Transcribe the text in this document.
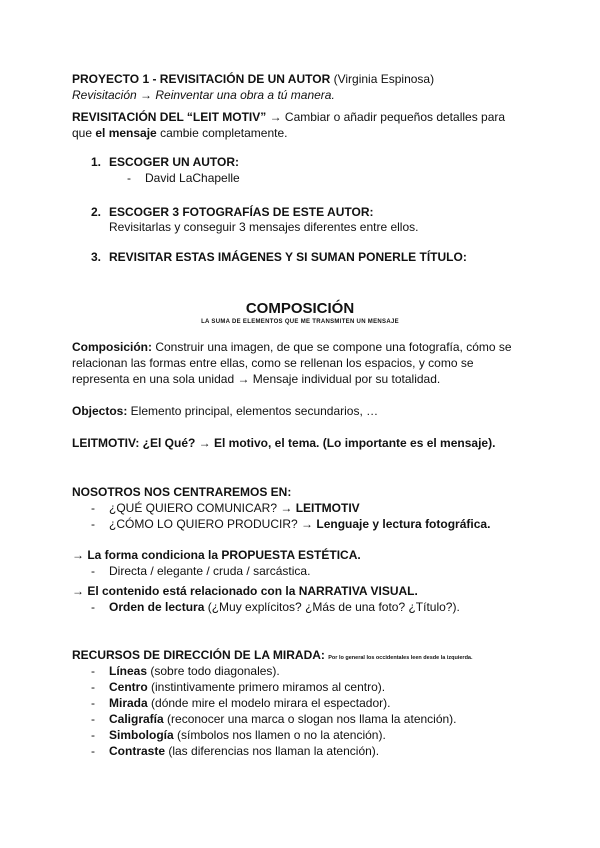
PROYECTO 1 - REVISITACIÓN DE UN AUTOR (Virginia Espinosa)
Revisitación → Reinventar una obra a tú manera.
REVISITACIÓN DEL “LEIT MOTIV” → Cambiar o añadir pequeños detalles para
que el mensaje cambie completamente.
1. ESCOGER UN AUTOR:
- David LaChapelle
2. ESCOGER 3 FOTOGRAFÍAS DE ESTE AUTOR:
Revisitarlas y conseguir 3 mensajes diferentes entre ellos.
3. REVISITAR ESTAS IMÁGENES Y SI SUMAN PONERLE TÍTULO:
COMPOSICIÓN
LA SUMA DE ELEMENTOS QUE ME TRANSMITEN UN MENSAJE
Composición: Construir una imagen, de que se compone una fotografía, cómo se
relacionan las formas entre ellas, como se rellenan los espacios, y como se
representa en una sola unidad → Mensaje individual por su totalidad.
Objectos: Elemento principal, elementos secundarios, …
LEITMOTIV: ¿El Qué? → El motivo, el tema. (Lo importante es el mensaje).
NOSOTROS NOS CENTRAREMOS EN:
- ¿QUÉ QUIERO COMUNICAR? → LEITMOTIV
- ¿CÓMO LO QUIERO PRODUCIR? → Lenguaje y lectura fotográfica.
→ La forma condiciona la PROPUESTA ESTÉTICA.
- Directa / elegante / cruda / sarcástica.
→ El contenido está relacionado con la NARRATIVA VISUAL.
- Orden de lectura (¿Muy explícitos? ¿Más de una foto? ¿Título?).
RECURSOS DE DIRECCIÓN DE LA MIRADA: Por lo general los occidentales leen desde la izquierda.
- Líneas (sobre todo diagonales).
- Centro (instintivamente primero miramos al centro).
- Mirada (dónde mire el modelo mirara el espectador).
- Caligrafía (reconocer una marca o slogan nos llama la atención).
- Simbología (símbolos nos llamen o no la atención).
- Contraste (las diferencias nos llaman la atención).
